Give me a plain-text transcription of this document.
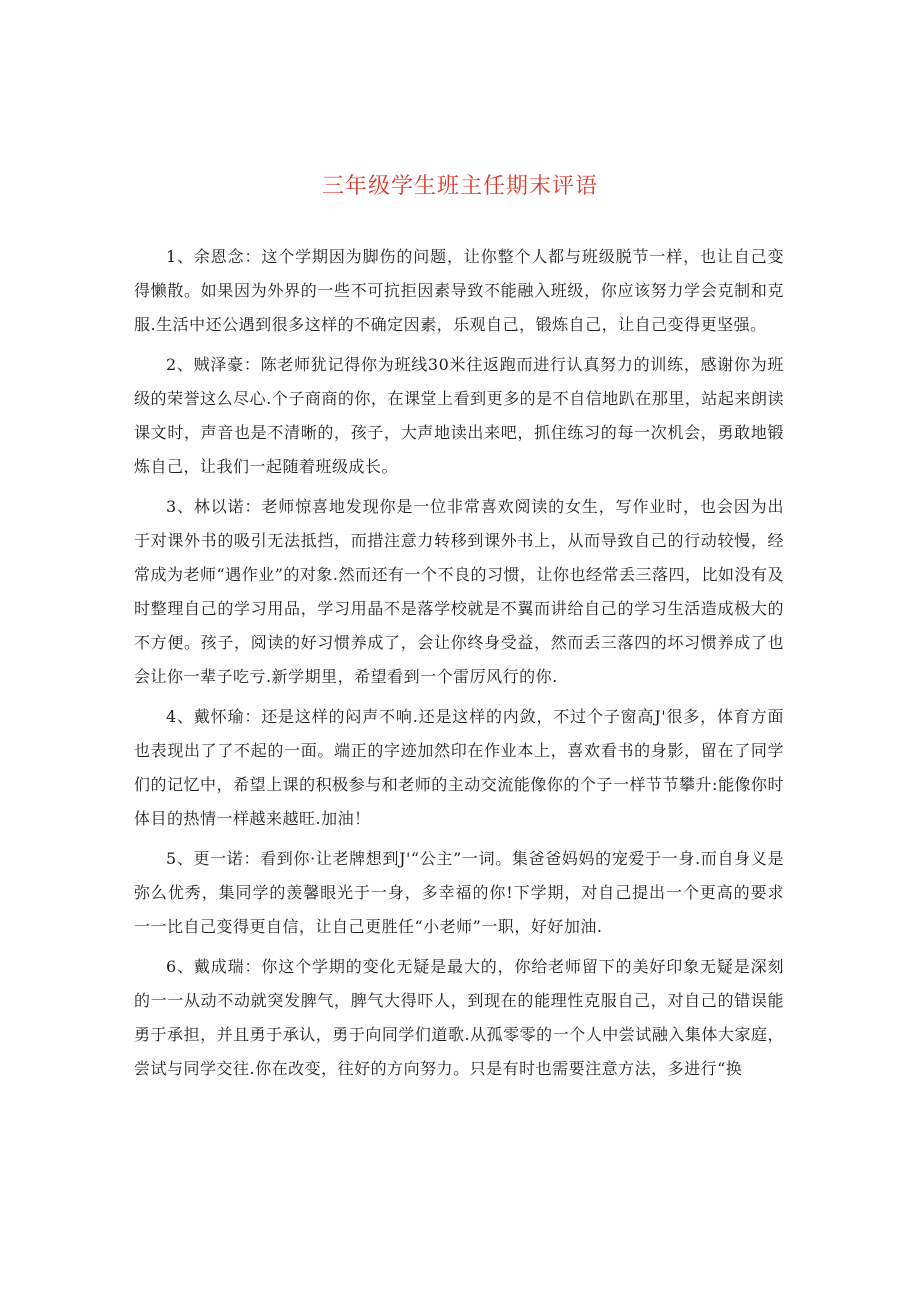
三年级学生班主任期末评语

1、余恩念：这个学期因为脚伤的问题，让你整个人都与班级脱节一样，也让自己变得懒散。如果因为外界的一些不可抗拒因素导致不能融入班级，你应该努力学会克制和克服.生活中还公遇到很多这样的不确定因素，乐观自己，锻炼自己，让自己变得更坚强。

2、贼泽豪：陈老师犹记得你为班线30米往返跑而进行认真努力的训练，感谢你为班级的荣誉这么尽心.个子商商的你，在课堂上看到更多的是不自信地趴在那里，站起来朗读课文时，声音也是不清晰的，孩子，大声地读出来吧，抓住练习的每一次机会，勇敢地锻炼自己，让我们一起随着班级成长。

3、林以诺：老师惊喜地发现你是一位非常喜欢阅读的女生，写作业时，也会因为出于对课外书的吸引无法抵挡，而措注意力转移到课外书上，从而导致自己的行动较慢，经常成为老师“遇作业”的对象.然而还有一个不良的习惯，让你也经常丢三落四，比如没有及时整理自己的学习用品，学习用晶不是落学校就是不翼而讲给自己的学习生活造成极大的不方便。孩子，阅读的好习惯养成了，会让你终身受益，然而丢三落四的坏习惯养成了也会让你一辈子吃亏.新学期里，希望看到一个雷厉风行的你.

4、戴怀瑜：还是这样的闷声不响.还是这样的内敛，不过个子窗高J'很多，体育方面也表现出了了不起的一面。端正的字迹加然印在作业本上，喜欢看书的身影，留在了同学们的记忆中，希望上课的积极参与和老师的主动交流能像你的个子一样节节攀升:能像你时体目的热情一样越来越旺.加油！

5、更一诺：看到你·让老牌想到J'“公主”一词。集爸爸妈妈的宠爱于一身.而自身义是弥么优秀，集同学的羡馨眼光于一身，多幸福的你!下学期，对自己提出一个更高的要求一一比自己变得更自信，让自己更胜任“小老师”一职，好好加油.

6、戴成瑞：你这个学期的变化无疑是最大的，你给老师留下的美好印象无疑是深刻的一一从动不动就突发脾气，脾气大得吓人，到现在的能理性克服自己，对自己的错误能勇于承担，并且勇于承认，勇于向同学们道歌.从孤零零的一个人中尝试融入集体大家庭，尝试与同学交往.你在改变，往好的方向努力。只是有时也需要注意方法，多进行“换
